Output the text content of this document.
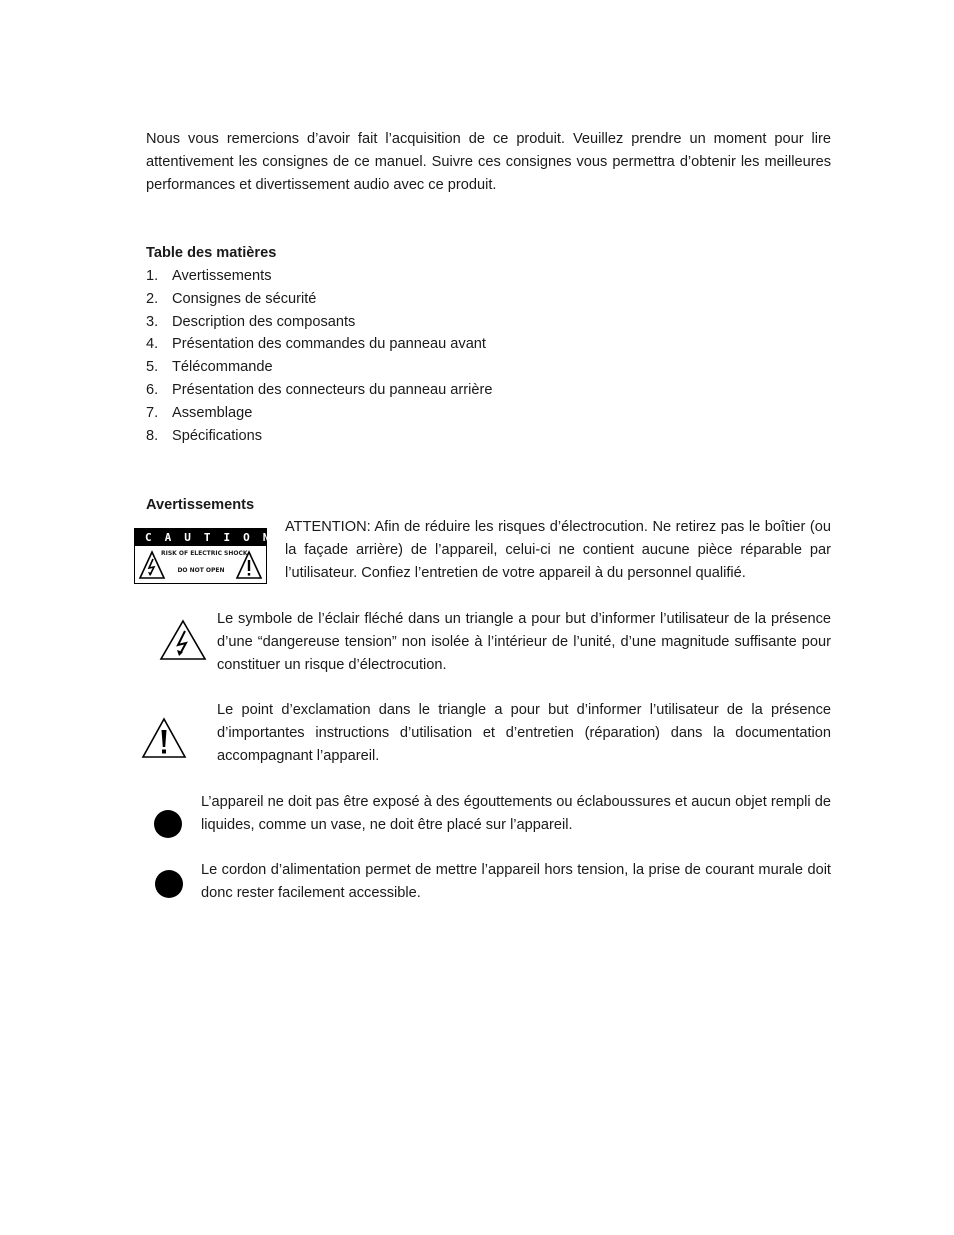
Nous vous remercions d’avoir fait l’acquisition de ce produit. Veuillez prendre un moment pour lire attentivement les consignes de ce manuel. Suivre ces consignes vous permettra d’obtenir les meilleures performances et divertissement audio avec ce produit.

Table des matières
1. Avertissements
2. Consignes de sécurité
3. Description des composants
4. Présentation des commandes du panneau avant
5. Télécommande
6. Présentation des connecteurs du panneau arrière
7. Assemblage
8. Spécifications
Avertissements
CAUTION
RISK OF ELECTRIC SHOCK
DO NOT OPEN

ATTENTION: Afin de réduire les risques d’électrocution. Ne retirez pas le boîtier (ou la façade arrière) de l’appareil, celui-ci ne contient aucune pièce réparable par l’utilisateur. Confiez l’entretien de votre appareil à du personnel qualifié.

Le symbole de l’éclair fléché dans un triangle a pour but d’informer l’utilisateur de la présence d’une “dangereuse tension” non isolée à l’intérieur de l’unité, d’une magnitude suffisante pour constituer un risque d’électrocution.

Le point d’exclamation dans le triangle a pour but d’informer l’utilisateur de la présence d’importantes instructions d’utilisation et d’entretien (réparation) dans la documentation accompagnant l’appareil.

L’appareil ne doit pas être exposé à des égouttements ou éclaboussures et aucun objet rempli de liquides, comme un vase, ne doit être placé sur l’appareil.

Le cordon d’alimentation permet de mettre l’appareil hors tension, la prise de courant murale doit donc rester facilement accessible.
